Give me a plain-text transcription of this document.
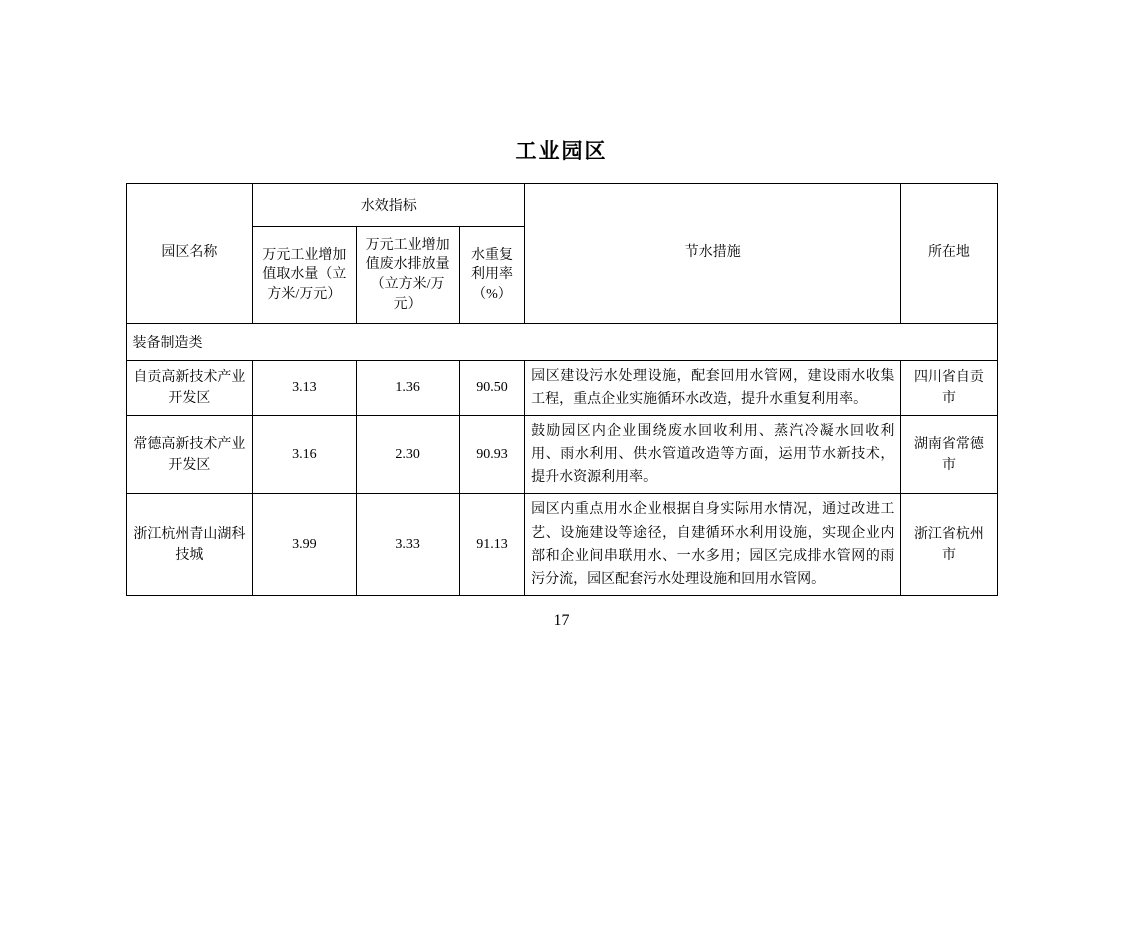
工业园区
园区名称	水效指标			节水措施	所在地
	万元工业增加值取水量（立方米/万元）	万元工业增加值废水排放量（立方米/万元）	水重复利用率（%）		
装备制造类					
自贡高新技术产业开发区	3.13	1.36	90.50	园区建设污水处理设施，配套回用水管网，建设雨水收集工程，重点企业实施循环水改造，提升水重复利用率。	四川省自贡市
常德高新技术产业开发区	3.16	2.30	90.93	鼓励园区内企业围绕废水回收利用、蒸汽冷凝水回收利用、雨水利用、供水管道改造等方面，运用节水新技术，提升水资源利用率。	湖南省常德市
浙江杭州青山湖科技城	3.99	3.33	91.13	园区内重点用水企业根据自身实际用水情况，通过改进工艺、设施建设等途径，自建循环水利用设施，实现企业内部和企业间串联用水、一水多用；园区完成排水管网的雨污分流，园区配套污水处理设施和回用水管网。	浙江省杭州市
17
